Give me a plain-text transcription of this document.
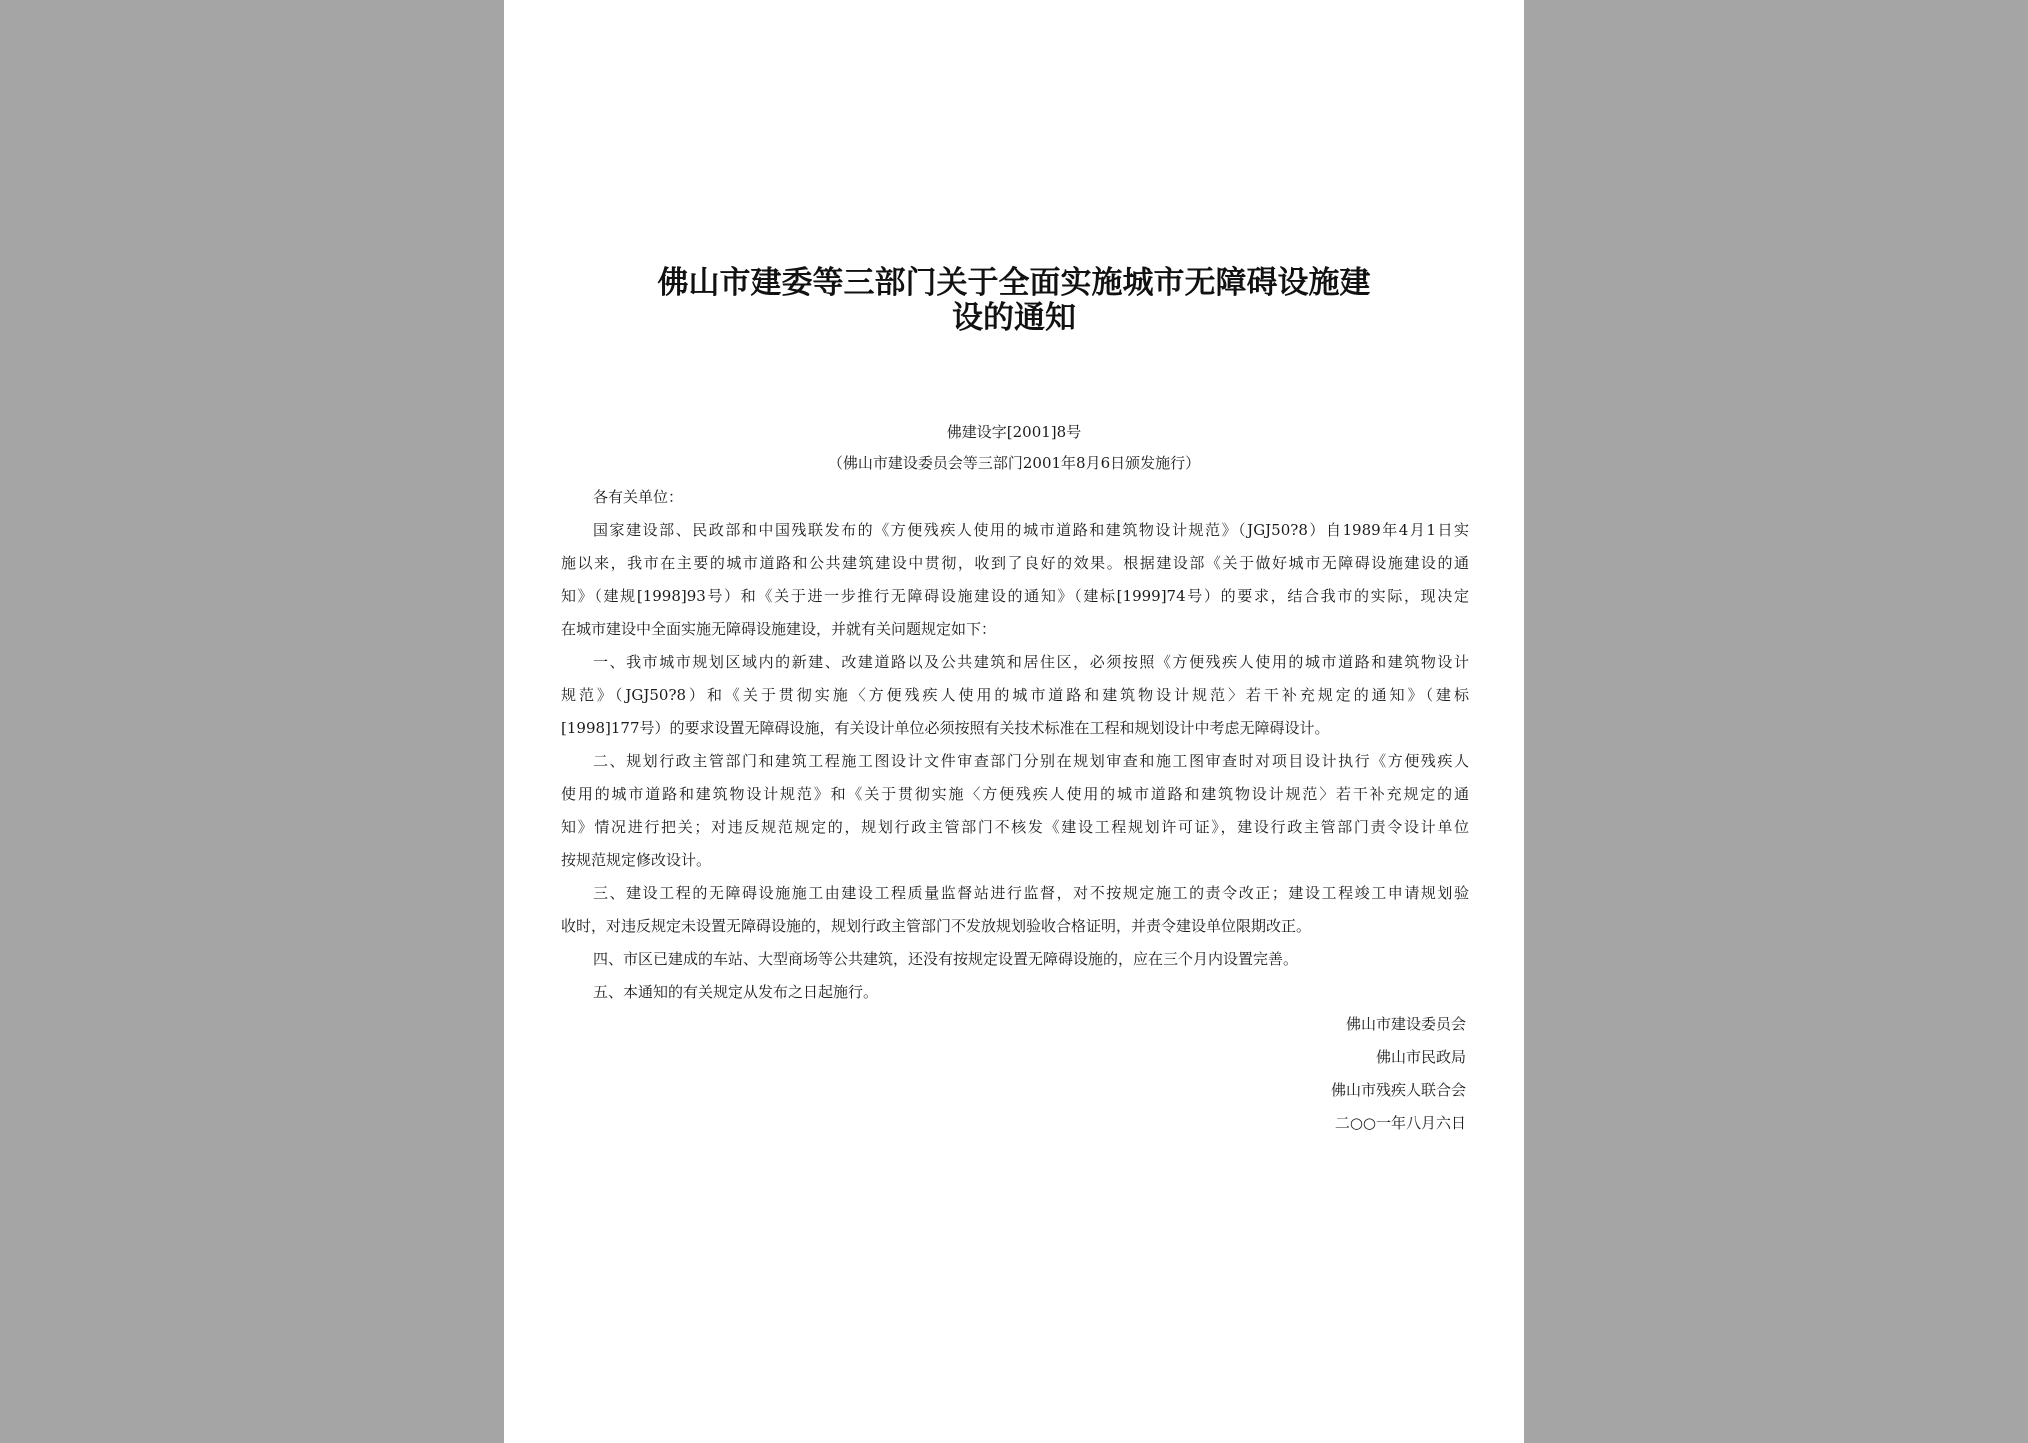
佛山市建委等三部门关于全面实施城市无障碍设施建
设的通知

佛建设字[2001]8号

（佛山市建设委员会等三部门2001年8月6日颁发施行）

各有关单位：

国家建设部、民政部和中国残联发布的《方便残疾人使用的城市道路和建筑物设计规范》（JGJ50?8）自1989年4月1日实

施以来，我市在主要的城市道路和公共建筑建设中贯彻，收到了良好的效果。根据建设部《关于做好城市无障碍设施建设的通

知》（建规[1998]93号）和《关于进一步推行无障碍设施建设的通知》（建标[1999]74号）的要求，结合我市的实际，现决定

在城市建设中全面实施无障碍设施建设，并就有关问题规定如下：

一、我市城市规划区域内的新建、改建道路以及公共建筑和居住区，必须按照《方便残疾人使用的城市道路和建筑物设计

规范》（JGJ50?8）和《关于贯彻实施〈方便残疾人使用的城市道路和建筑物设计规范〉若干补充规定的通知》（建标

[1998]177号）的要求设置无障碍设施，有关设计单位必须按照有关技术标准在工程和规划设计中考虑无障碍设计。

二、规划行政主管部门和建筑工程施工图设计文件审查部门分别在规划审查和施工图审查时对项目设计执行《方便残疾人

使用的城市道路和建筑物设计规范》和《关于贯彻实施〈方便残疾人使用的城市道路和建筑物设计规范〉若干补充规定的通

知》情况进行把关；对违反规范规定的，规划行政主管部门不核发《建设工程规划许可证》，建设行政主管部门责令设计单位

按规范规定修改设计。

三、建设工程的无障碍设施施工由建设工程质量监督站进行监督，对不按规定施工的责令改正；建设工程竣工申请规划验

收时，对违反规定未设置无障碍设施的，规划行政主管部门不发放规划验收合格证明，并责令建设单位限期改正。

四、市区已建成的车站、大型商场等公共建筑，还没有按规定设置无障碍设施的，应在三个月内设置完善。

五、本通知的有关规定从发布之日起施行。

佛山市建设委员会

佛山市民政局

佛山市残疾人联合会

二○○一年八月六日
